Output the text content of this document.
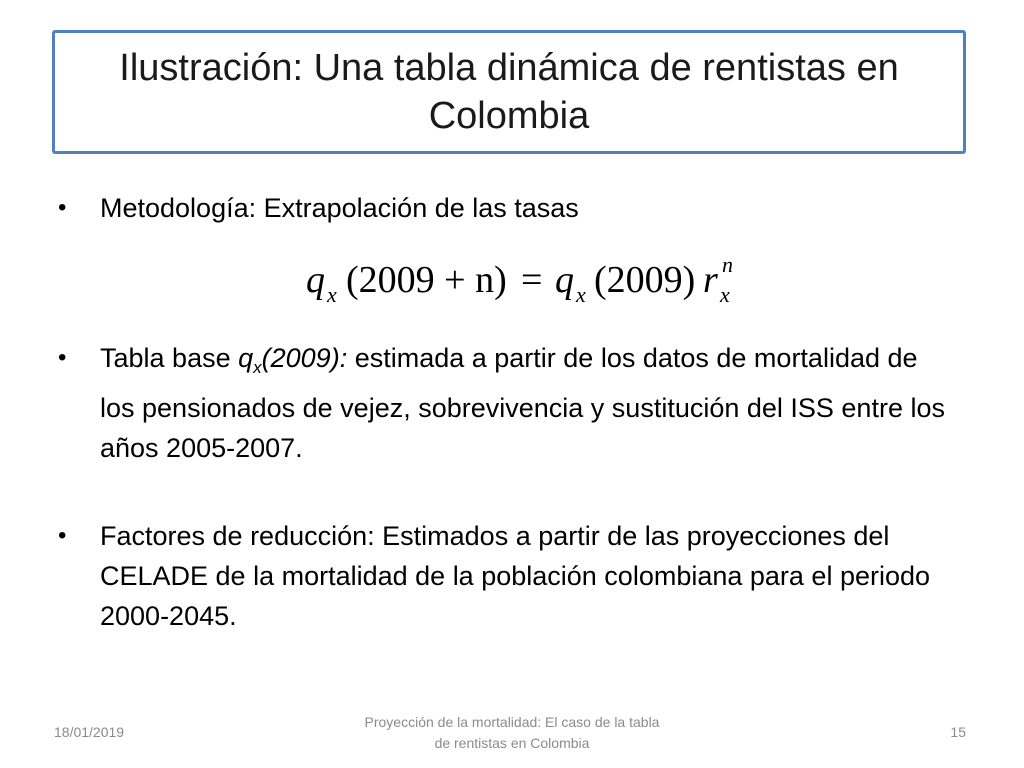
Ilustración: Una tabla dinámica de rentistas en Colombia
•	Metodología: Extrapolación de las tasas
q x (2009 + n) = q x (2009) r x
n
•	Tabla base $q_x(2009)$: estimada a partir de los datos de mortalidad de los pensionados de vejez, sobrevivencia y sustitución del ISS entre los años 2005-2007.
•	Factores de reducción: Estimados a partir de las proyecciones del CELADE de la mortalidad de la población colombiana para el periodo 2000-2045.
18/01/2019
Proyección de la mortalidad: El caso de la tabla de rentistas en Colombia
15
